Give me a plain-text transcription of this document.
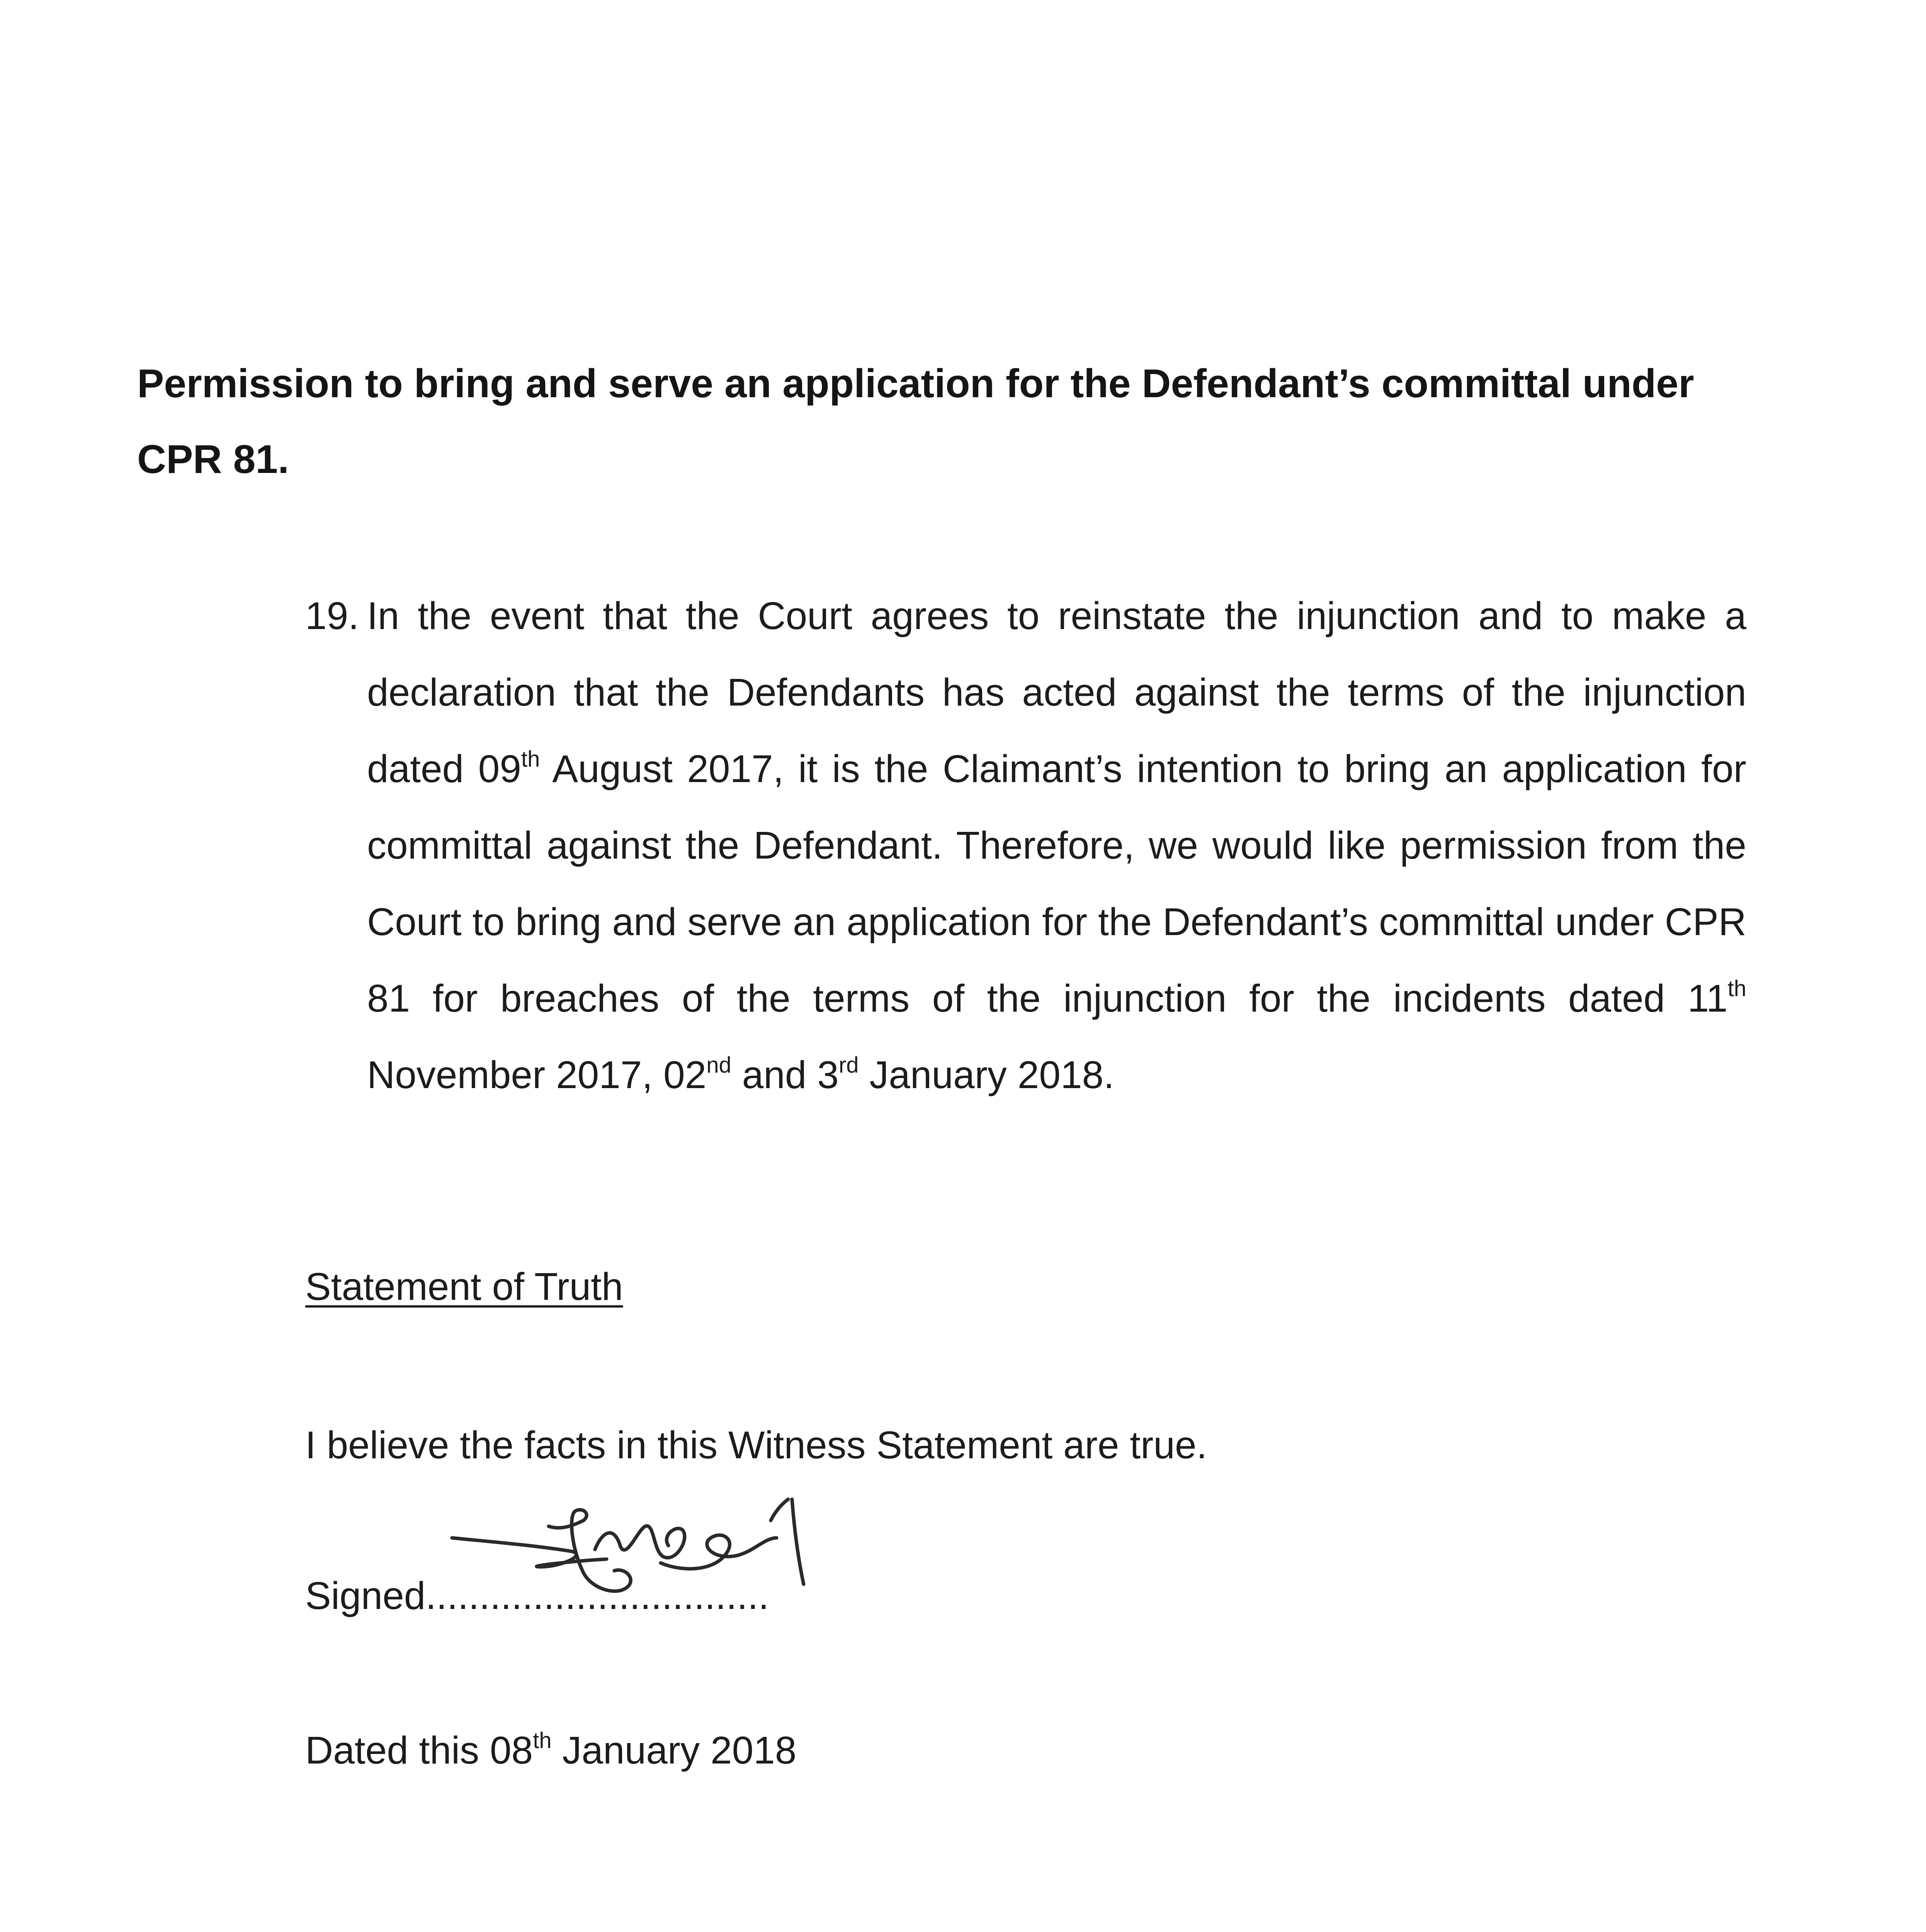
Permission to bring and serve an application for the Defendant’s committal under CPR 81.

19. In the event that the Court agrees to reinstate the injunction and to make a declaration that the Defendants has acted against the terms of the injunction dated 09th August 2017, it is the Claimant’s intention to bring an application for committal against the Defendant. Therefore, we would like permission from the Court to bring and serve an application for the Defendant’s committal under CPR 81 for breaches of the terms of the injunction for the incidents dated 11th November 2017, 02nd and 3rd January 2018.

Statement of Truth

I believe the facts in this Witness Statement are true.

Signed................................

Dated this 08th January 2018
